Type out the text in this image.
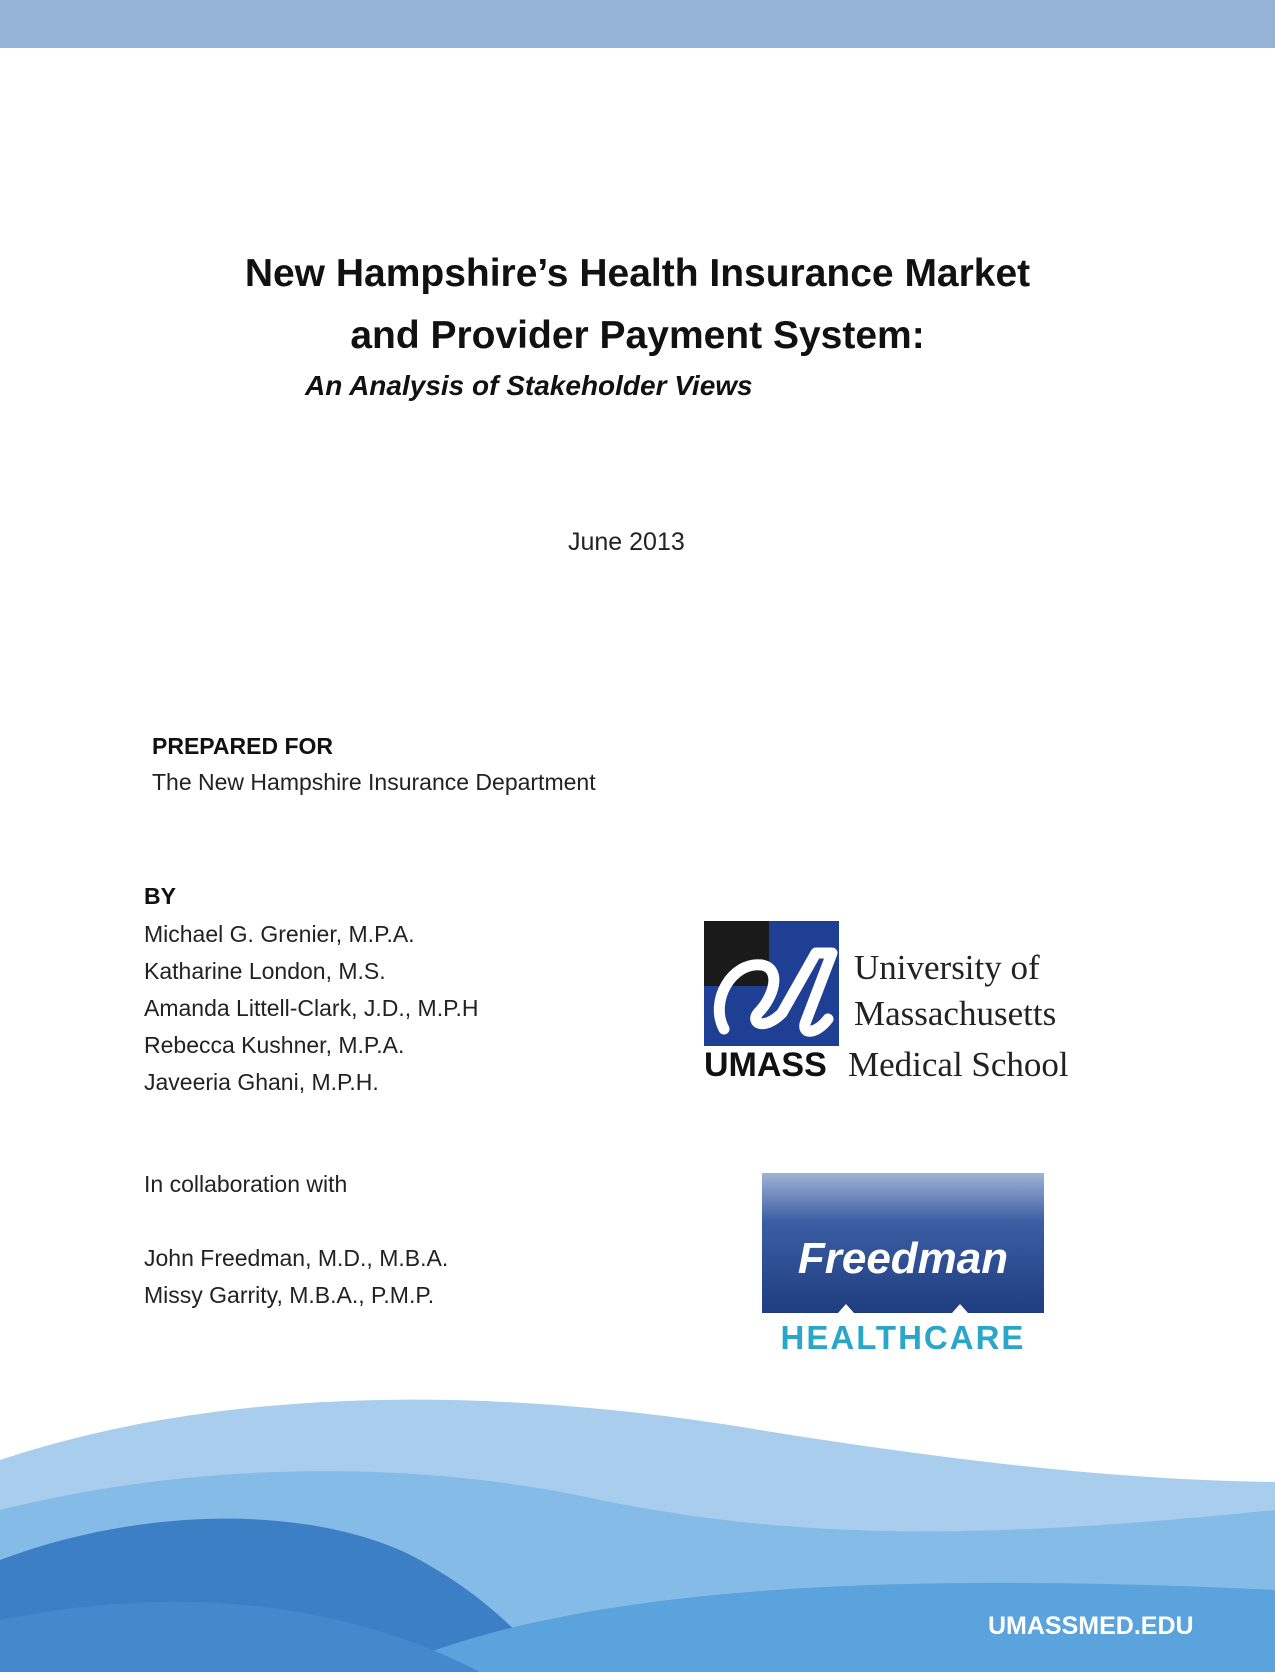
New Hampshire’s Health Insurance Market
and Provider Payment System:
An Analysis of Stakeholder Views
June 2013
PREPARED FOR
The New Hampshire Insurance Department
BY
Michael G. Grenier, M.P.A.
Katharine London, M.S.
Amanda Littell-Clark, J.D., M.P.H
Rebecca Kushner, M.P.A.
Javeeria Ghani, M.P.H.
In collaboration with
John Freedman, M.D., M.B.A.
Missy Garrity, M.B.A., P.M.P.
UMASS
University of
Massachusetts
Medical School
Freedman
HEALTHCARE
UMASSMED.EDU
